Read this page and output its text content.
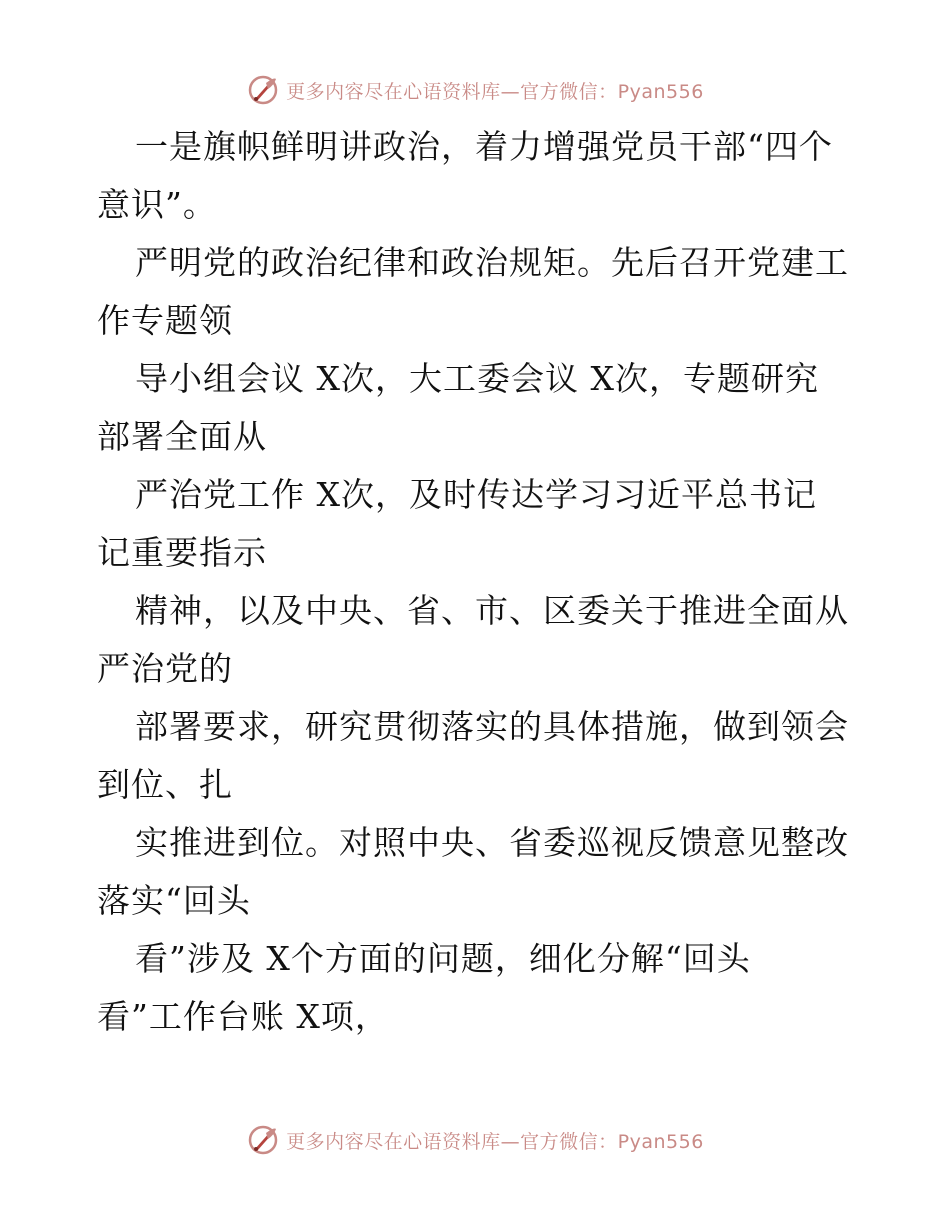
更多内容尽在心语资料库—官方微信：Pyan556
一是旗帜鲜明讲政治，着力增强党员干部“四个
意识”。
严明党的政治纪律和政治规矩。先后召开党建工
作专题领
导小组会议 X次，大工委会议 X次，专题研究
部署全面从
严治党工作 X次，及时传达学习习近平总书记
记重要指示
精神，以及中央、省、市、区委关于推进全面从
严治党的
部署要求，研究贯彻落实的具体措施，做到领会
到位、扎
实推进到位。对照中央、省委巡视反馈意见整改
落实“回头
看”涉及 X个方面的问题，细化分解“回头
看”工作台账 X项，
更多内容尽在心语资料库—官方微信：Pyan556
